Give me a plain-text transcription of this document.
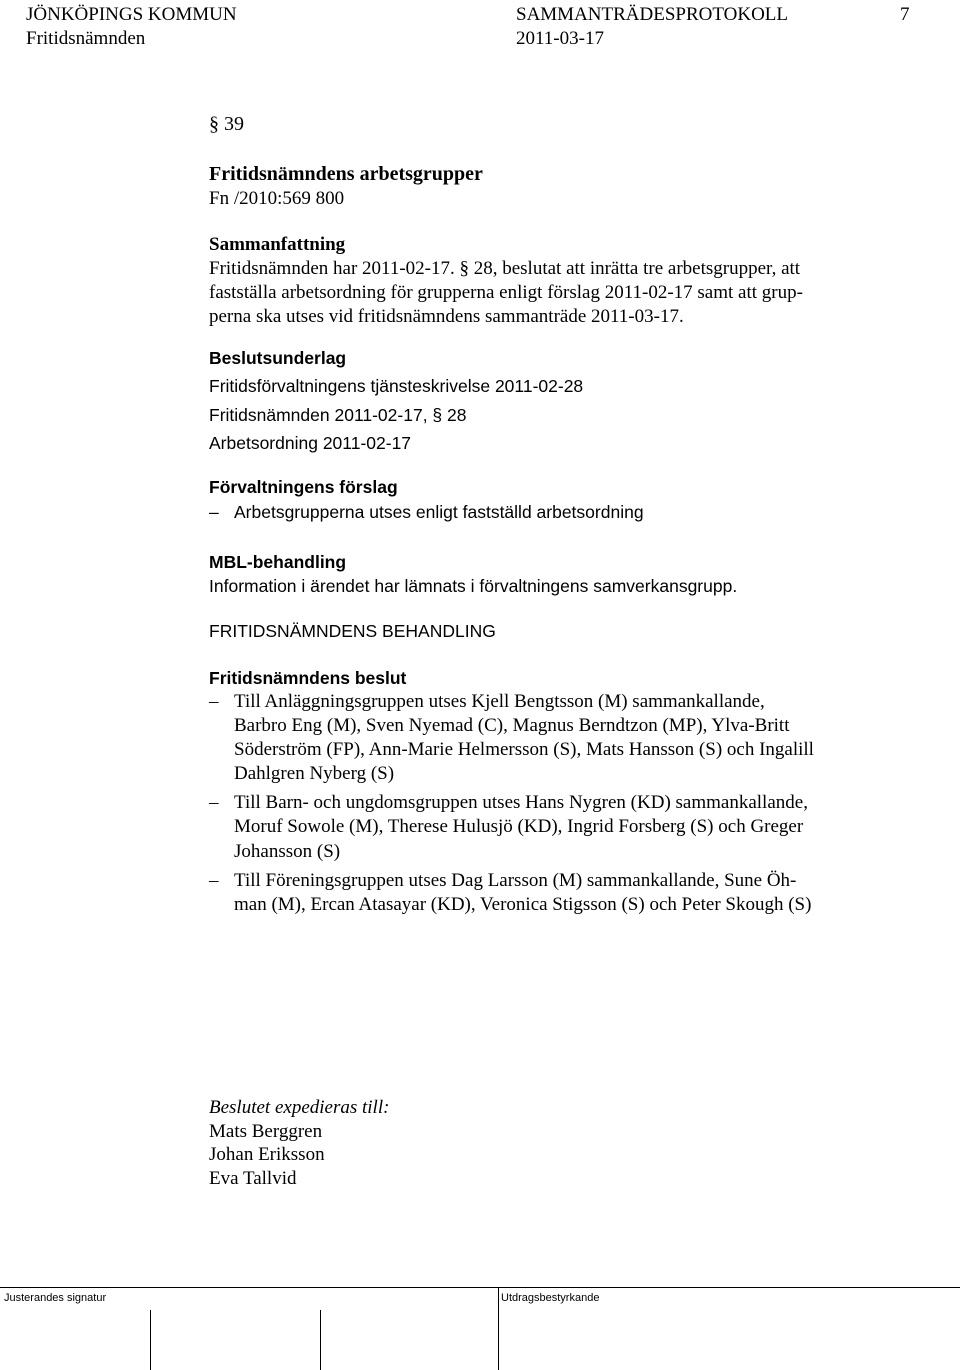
JÖNKÖPINGS KOMMUN
Fritidsnämnden
SAMMANTRÄDESPROTOKOLL
2011-03-17
7
§ 39
Fritidsnämndens arbetsgrupper
Fn /2010:569 800
Sammanfattning
Fritidsnämnden har 2011-02-17. § 28, beslutat att inrätta tre arbetsgrupper, att
fastställa arbetsordning för grupperna enligt förslag 2011-02-17 samt att grup-
perna ska utses vid fritidsnämndens sammanträde 2011-03-17.
Beslutsunderlag
Fritidsförvaltningens tjänsteskrivelse 2011-02-28
Fritidsnämnden 2011-02-17, § 28
Arbetsordning 2011-02-17
Förvaltningens förslag
– Arbetsgrupperna utses enligt fastställd arbetsordning
MBL-behandling
Information i ärendet har lämnats i förvaltningens samverkansgrupp.
FRITIDSNÄMNDENS BEHANDLING
Fritidsnämndens beslut
– Till Anläggningsgruppen utses Kjell Bengtsson (M) sammankallande,
Barbro Eng (M), Sven Nyemad (C), Magnus Berndtzon (MP), Ylva-Britt
Söderström (FP), Ann-Marie Helmersson (S), Mats Hansson (S) och Ingalill
Dahlgren Nyberg (S)
– Till Barn- och ungdomsgruppen utses Hans Nygren (KD) sammankallande,
Moruf Sowole (M), Therese Hulusjö (KD), Ingrid Forsberg (S) och Greger
Johansson (S)
– Till Föreningsgruppen utses Dag Larsson (M) sammankallande, Sune Öh-
man (M), Ercan Atasayar (KD), Veronica Stigsson (S) och Peter Skough (S)
Beslutet expedieras till:
Mats Berggren
Johan Eriksson
Eva Tallvid
Justerandes signatur	Utdragsbestyrkande
